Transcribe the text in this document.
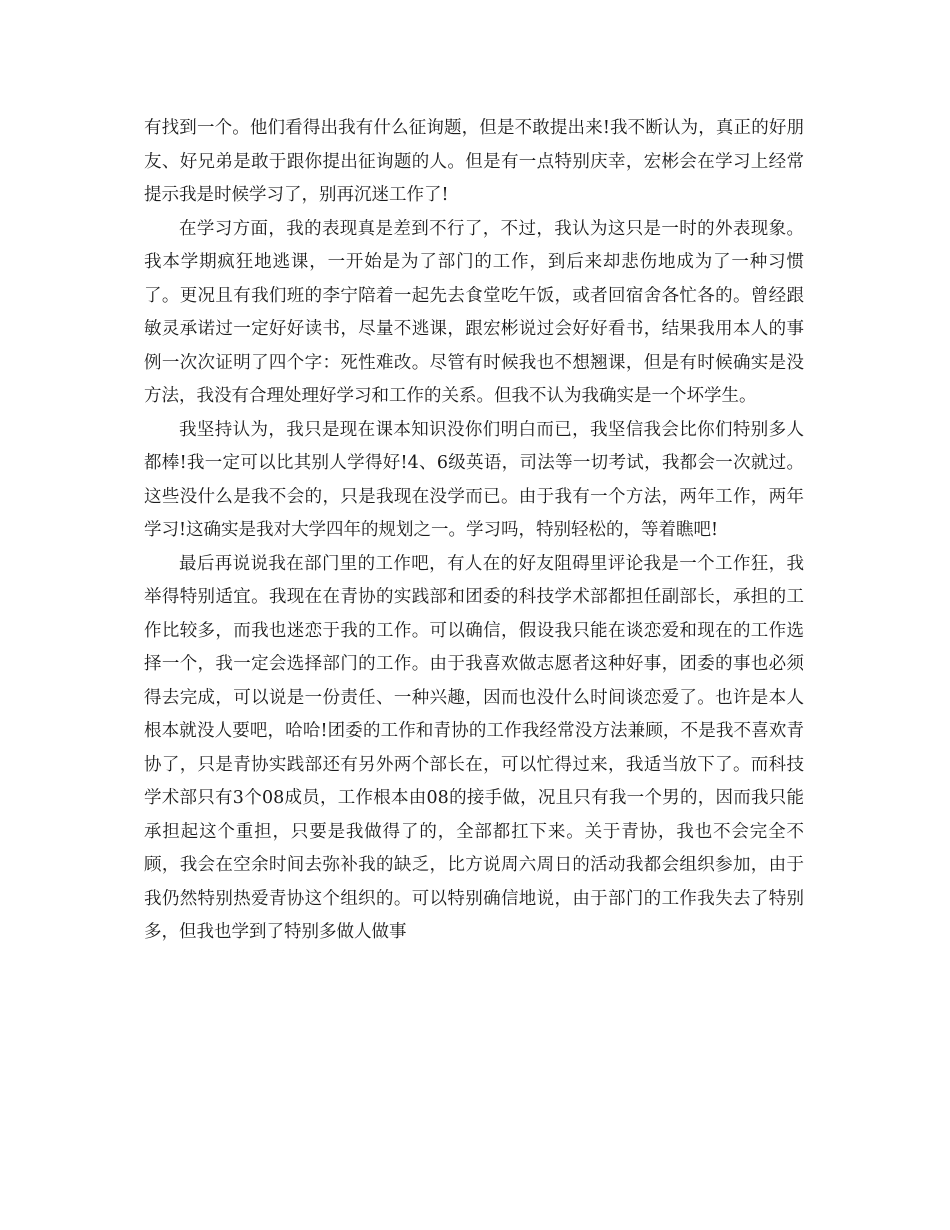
有找到一个。他们看得出我有什么征询题，但是不敢提出来!我不断认为，真正的好朋友、好兄弟是敢于跟你提出征询题的人。但是有一点特别庆幸，宏彬会在学习上经常提示我是时候学习了，别再沉迷工作了!

在学习方面，我的表现真是差到不行了，不过，我认为这只是一时的外表现象。我本学期疯狂地逃课，一开始是为了部门的工作，到后来却悲伤地成为了一种习惯了。更况且有我们班的李宁陪着一起先去食堂吃午饭，或者回宿舍各忙各的。曾经跟敏灵承诺过一定好好读书，尽量不逃课，跟宏彬说过会好好看书，结果我用本人的事例一次次证明了四个字：死性难改。尽管有时候我也不想翘课，但是有时候确实是没方法，我没有合理处理好学习和工作的关系。但我不认为我确实是一个坏学生。

我坚持认为，我只是现在课本知识没你们明白而已，我坚信我会比你们特别多人都棒!我一定可以比其别人学得好!4、6级英语，司法等一切考试，我都会一次就过。这些没什么是我不会的，只是我现在没学而已。由于我有一个方法，两年工作，两年学习!这确实是我对大学四年的规划之一。学习吗，特别轻松的，等着瞧吧!

最后再说说我在部门里的工作吧，有人在的好友阻碍里评论我是一个工作狂，我举得特别适宜。我现在在青协的实践部和团委的科技学术部都担任副部长，承担的工作比较多，而我也迷恋于我的工作。可以确信，假设我只能在谈恋爱和现在的工作选择一个，我一定会选择部门的工作。由于我喜欢做志愿者这种好事，团委的事也必须得去完成，可以说是一份责任、一种兴趣，因而也没什么时间谈恋爱了。也许是本人根本就没人要吧，哈哈!团委的工作和青协的工作我经常没方法兼顾，不是我不喜欢青协了，只是青协实践部还有另外两个部长在，可以忙得过来，我适当放下了。而科技学术部只有3个08成员，工作根本由08的接手做，况且只有我一个男的，因而我只能承担起这个重担，只要是我做得了的，全部都扛下来。关于青协，我也不会完全不顾，我会在空余时间去弥补我的缺乏，比方说周六周日的活动我都会组织参加，由于我仍然特别热爱青协这个组织的。可以特别确信地说，由于部门的工作我失去了特别多，但我也学到了特别多做人做事
